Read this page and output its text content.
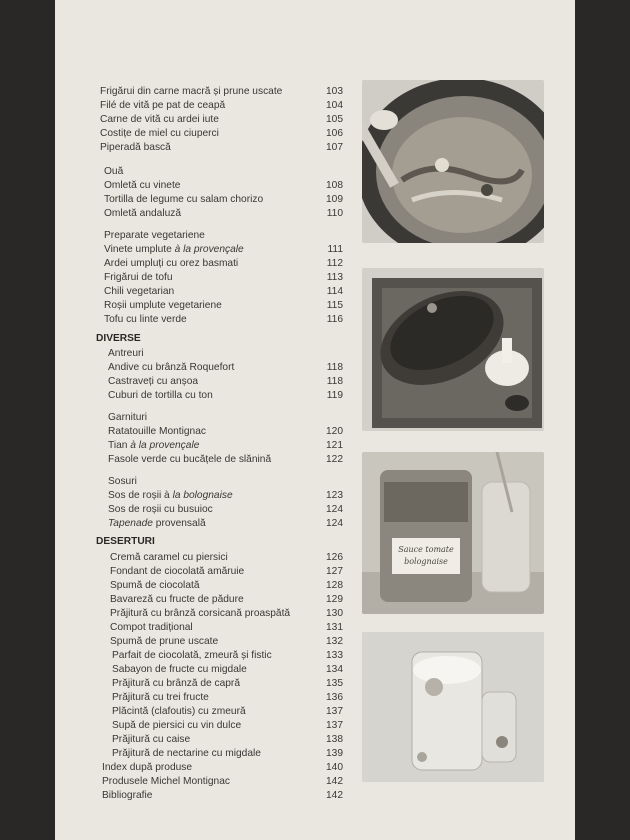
Frigărui din carne macră și prune uscate	103
Filé de vită pe pat de ceapă	104
Carne de vită cu ardei iute	105
Costițe de miel cu ciuperci	106
Piperadă bască	107
Ouă
Omletă cu vinete	108
Tortilla de legume cu salam chorizo	109
Omletă andaluză	110
Preparate vegetariene
Vinete umplute à la provençale	111
Ardei umpluți cu orez basmati	112
Frigărui de tofu	113
Chili vegetarian	114
Roșii umplute vegetariene	115
Tofu cu linte verde	116
Antreuri
Andive cu brânză Roquefort	118
Castraveți cu anșoa	118
Cuburi de tortilla cu ton	119
Garnituri
Ratatouille Montignac	120
Tian à la provençale	121
Fasole verde cu bucățele de slănină	122
Sosuri
Sos de roșii à la bolognaise	123
Sos de roșii cu busuioc	124
Tapenade provensală	124
Cremă caramel cu piersici	126
Fondant de ciocolată amăruie	127
Spumă de ciocolată	128
Bavareză cu fructe de pădure	129
Prăjitură cu brânză corsicană proaspătă	130
Compot tradițional	131
Spumă de prune uscate	132
Parfait de ciocolată, zmeură și fistic	133
Sabayon de fructe cu migdale	134
Prăjitură cu brânză de capră	135
Prăjitură cu trei fructe	136
Plăcintă (clafoutis) cu zmeură	137
Supă de piersici cu vin dulce	137
Prăjitură cu caise	138
Prăjitură de nectarine cu migdale	139
Index după produse	140
Produsele Michel Montignac	142
Bibliografie	142
DIVERSE
DESERTURI
Sauce tomate
bolognaise
